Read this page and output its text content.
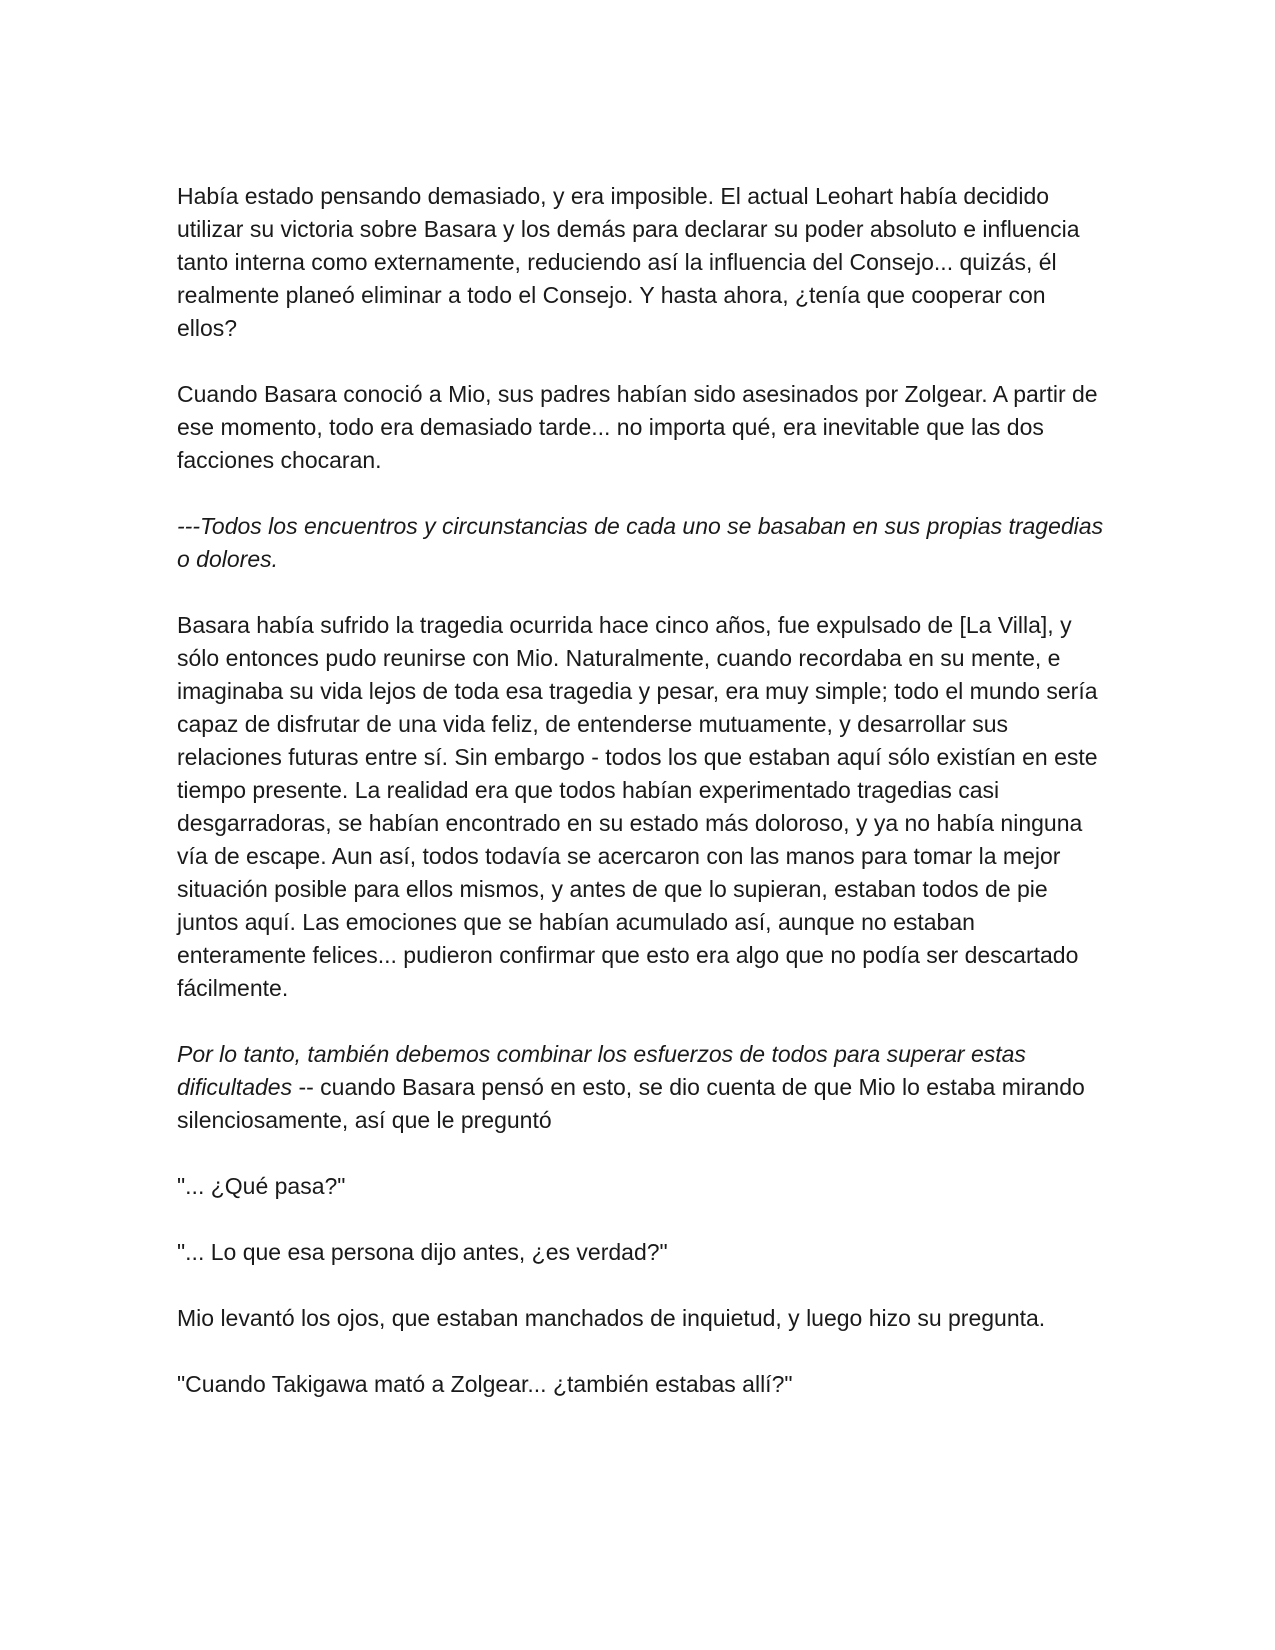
Había estado pensando demasiado, y era imposible. El actual Leohart había decidido utilizar su victoria sobre Basara y los demás para declarar su poder absoluto e influencia tanto interna como externamente, reduciendo así la influencia del Consejo... quizás, él realmente planeó eliminar a todo el Consejo. Y hasta ahora, ¿tenía que cooperar con ellos?

Cuando Basara conoció a Mio, sus padres habían sido asesinados por Zolgear. A partir de ese momento, todo era demasiado tarde... no importa qué, era inevitable que las dos facciones chocaran.

---Todos los encuentros y circunstancias de cada uno se basaban en sus propias tragedias o dolores.

Basara había sufrido la tragedia ocurrida hace cinco años, fue expulsado de [La Villa], y sólo entonces pudo reunirse con Mio. Naturalmente, cuando recordaba en su mente, e imaginaba su vida lejos de toda esa tragedia y pesar, era muy simple; todo el mundo sería capaz de disfrutar de una vida feliz, de entenderse mutuamente, y desarrollar sus relaciones futuras entre sí. Sin embargo - todos los que estaban aquí sólo existían en este tiempo presente. La realidad era que todos habían experimentado tragedias casi desgarradoras, se habían encontrado en su estado más doloroso, y ya no había ninguna vía de escape. Aun así, todos todavía se acercaron con las manos para tomar la mejor situación posible para ellos mismos, y antes de que lo supieran, estaban todos de pie juntos aquí. Las emociones que se habían acumulado así, aunque no estaban enteramente felices... pudieron confirmar que esto era algo que no podía ser descartado fácilmente.

Por lo tanto, también debemos combinar los esfuerzos de todos para superar estas dificultades -- cuando Basara pensó en esto, se dio cuenta de que Mio lo estaba mirando silenciosamente, así que le preguntó

"... ¿Qué pasa?"

"... Lo que esa persona dijo antes, ¿es verdad?"

Mio levantó los ojos, que estaban manchados de inquietud, y luego hizo su pregunta.

"Cuando Takigawa mató a Zolgear... ¿también estabas allí?"
